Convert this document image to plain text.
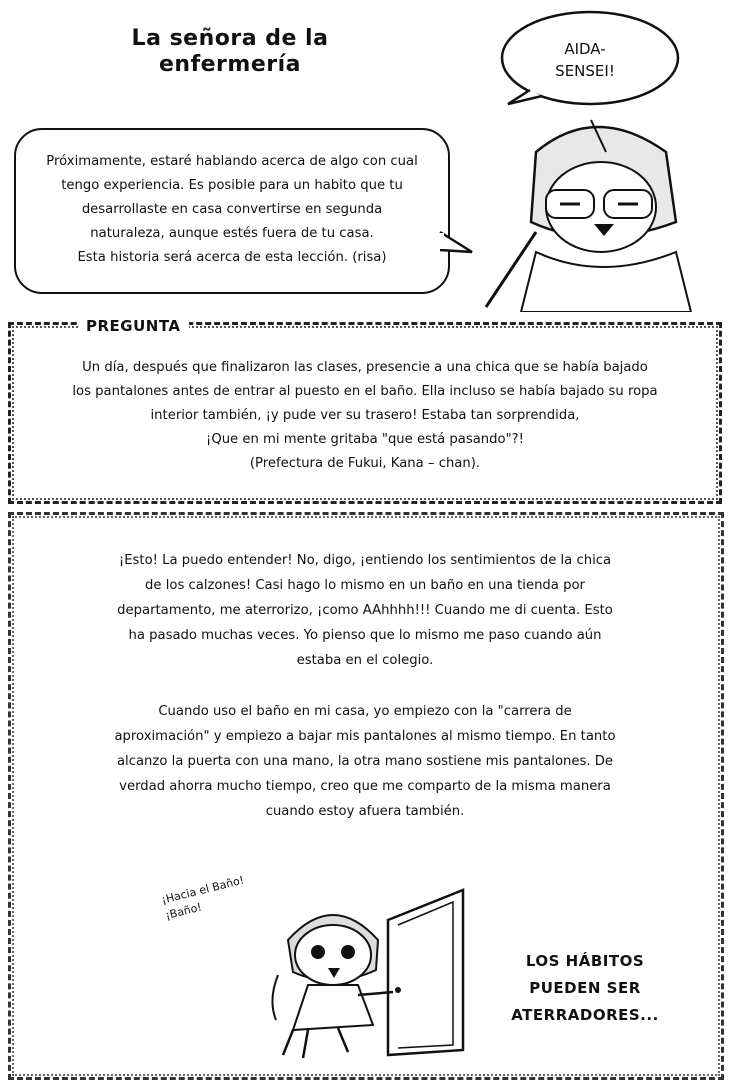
La señora de la
enfermería
AIDA-
SENSEI!
Próximamente, estaré hablando acerca de algo con cual
tengo experiencia. Es posible para un habito que tu
desarrollaste en casa convertirse en segunda
naturaleza, aunque estés fuera de tu casa.
Esta historia será acerca de esta lección. (risa)
PREGUNTA
Un día, después que finalizaron las clases, presencie a una chica que se había bajado
los pantalones antes de entrar al puesto en el baño. Ella incluso se había bajado su ropa
interior también, ¡y pude ver su trasero! Estaba tan sorprendida,
¡Que en mi mente gritaba "que está pasando"?!
(Prefectura de Fukui, Kana – chan).
¡Esto! La puedo entender! No, digo, ¡entiendo los sentimientos de la chica
de los calzones! Casi hago lo mismo en un baño en una tienda por
departamento, me aterrorizo, ¡como AAhhhh!!! Cuando me di cuenta. Esto
ha pasado muchas veces. Yo pienso que lo mismo me paso cuando aún
estaba en el colegio.
Cuando uso el baño en mi casa, yo empiezo con la "carrera de
aproximación" y empiezo a bajar mis pantalones al mismo tiempo. En tanto
alcanzo la puerta con una mano, la otra mano sostiene mis pantalones. De
verdad ahorra mucho tiempo, creo que me comparto de la misma manera
cuando estoy afuera también.
¡Hacia el Baño!
¡Baño!
LOS HÁBITOS
PUEDEN SER
ATERRADORES...
